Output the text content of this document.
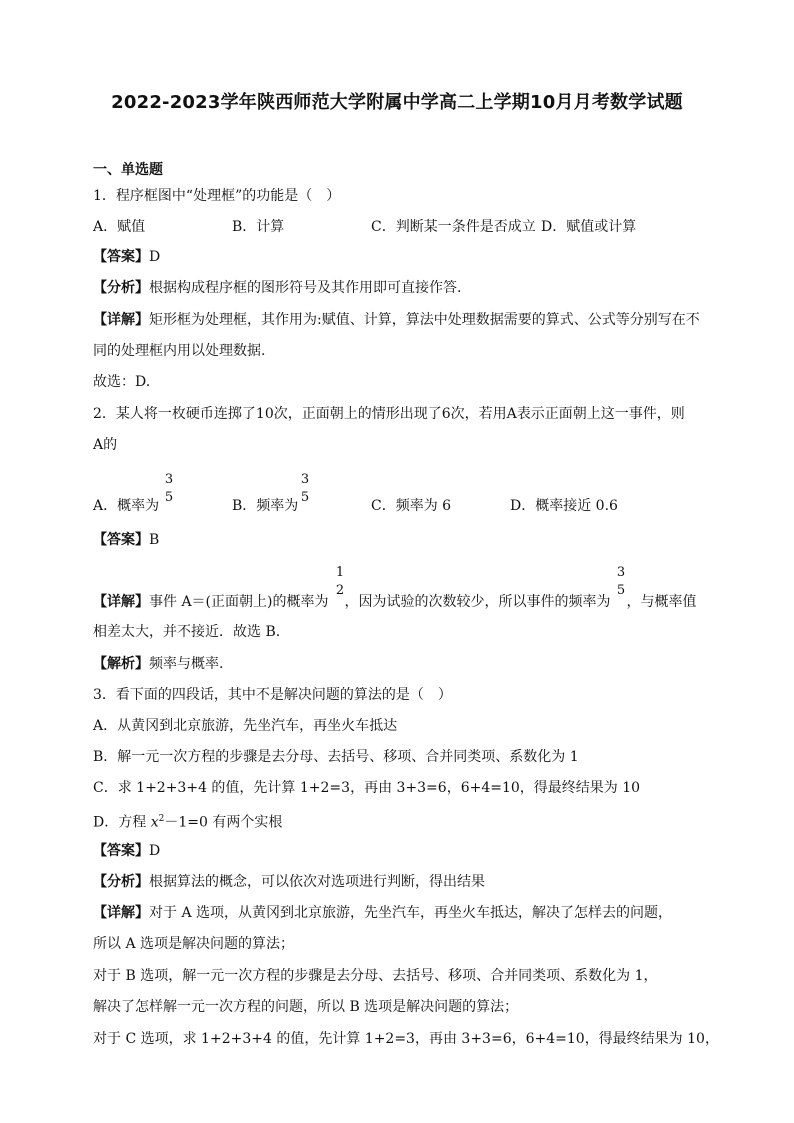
2022-2023学年陕西师范大学附属中学高二上学期10月月考数学试题
一、单选题
1．程序框图中“处理框”的功能是（　）
A．赋值	B．计算	C．判断某一条件是否成立 D．赋值或计算
【答案】D
【分析】根据构成程序框的图形符号及其作用即可直接作答.
【详解】矩形框为处理框，其作用为:赋值、计算，算法中处理数据需要的算式、公式等分别写在不
同的处理框内用以处理数据.
故选：D.
2．某人将一枚硬币连掷了10次，正面朝上的情形出现了6次，若用A表示正面朝上这一事件，则
A的
A．概率为
3
5
B．频率为
3
5
C．频率为 6	D．概率接近 0.6
【答案】B
【详解】事件 A＝(正面朝上)的概率为 ，因为试验的次数较少，所以事件的频率为 ，与概率值
1
2
3
5
相差太大，并不接近．故选 B.
【解析】频率与概率.
3．看下面的四段话，其中不是解决问题的算法的是（　）
A．从黄冈到北京旅游，先坐汽车，再坐火车抵达
B．解一元一次方程的步骤是去分母、去括号、移项、合并同类项、系数化为 1
C．求 1+2+3+4 的值，先计算 1+2=3，再由 3+3=6，6+4=10，得最终结果为 10
D．方程 $x^2-1=0$ 有两个实根
【答案】D
【分析】根据算法的概念，可以依次对选项进行判断，得出结果
【详解】对于 A 选项，从黄冈到北京旅游，先坐汽车，再坐火车抵达，解决了怎样去的问题，
所以 A 选项是解决问题的算法；
对于 B 选项，解一元一次方程的步骤是去分母、去括号、移项、合并同类项、系数化为 1，
解决了怎样解一元一次方程的问题，所以 B 选项是解决问题的算法；
对于 C 选项，求 1+2+3+4 的值，先计算 1+2=3，再由 3+3=6，6+4=10，得最终结果为 10，
